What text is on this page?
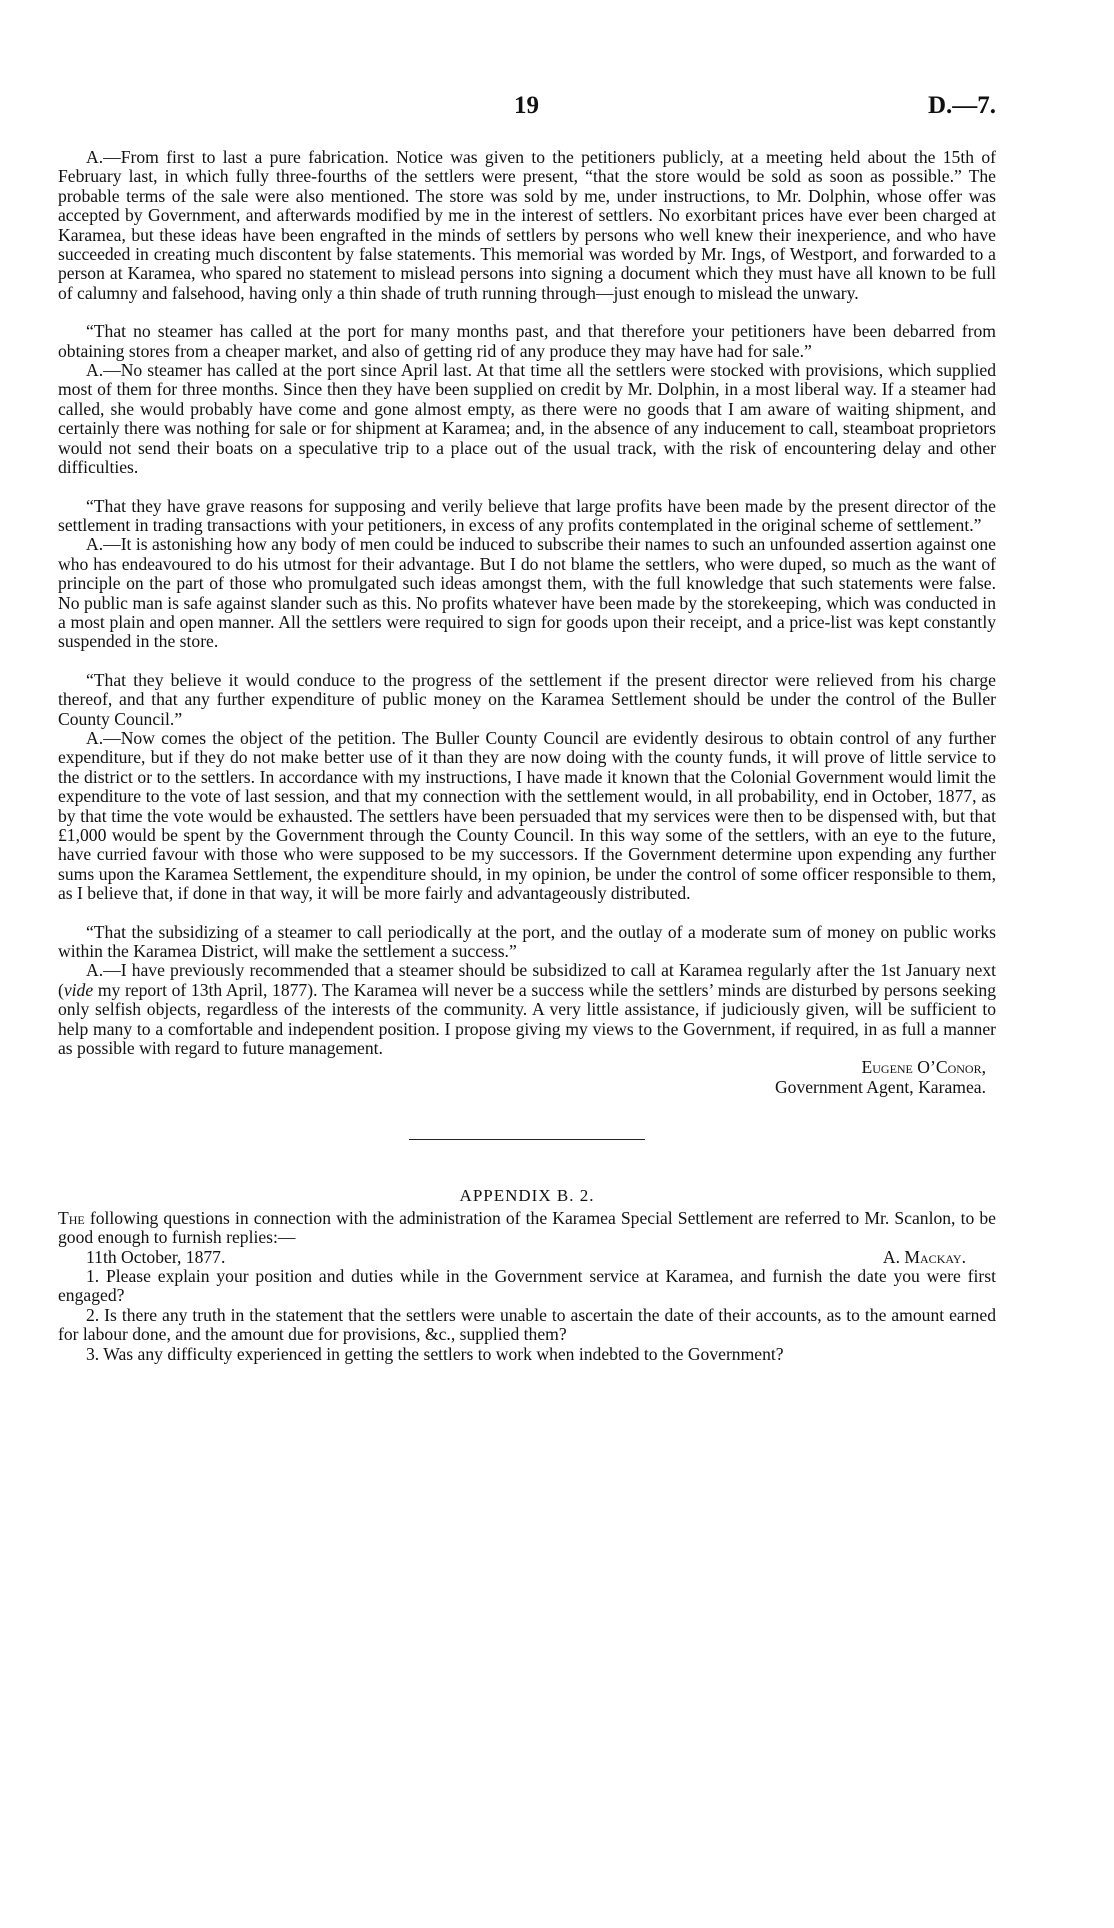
19	D.—7.

A.—From first to last a pure fabrication. Notice was given to the petitioners publicly, at a meeting held about the 15th of February last, in which fully three-fourths of the settlers were present, “that the store would be sold as soon as possible.” The probable terms of the sale were also mentioned. The store was sold by me, under instructions, to Mr. Dolphin, whose offer was accepted by Government, and afterwards modified by me in the interest of settlers. No exorbitant prices have ever been charged at Karamea, but these ideas have been engrafted in the minds of settlers by persons who well knew their inexperience, and who have succeeded in creating much discontent by false statements. This memorial was worded by Mr. Ings, of Westport, and forwarded to a person at Karamea, who spared no statement to mislead persons into signing a document which they must have all known to be full of calumny and falsehood, having only a thin shade of truth running through—just enough to mislead the unwary.

“That no steamer has called at the port for many months past, and that therefore your petitioners have been debarred from obtaining stores from a cheaper market, and also of getting rid of any produce they may have had for sale.”

A.—No steamer has called at the port since April last. At that time all the settlers were stocked with provisions, which supplied most of them for three months. Since then they have been supplied on credit by Mr. Dolphin, in a most liberal way. If a steamer had called, she would probably have come and gone almost empty, as there were no goods that I am aware of waiting shipment, and certainly there was nothing for sale or for shipment at Karamea; and, in the absence of any inducement to call, steamboat proprietors would not send their boats on a speculative trip to a place out of the usual track, with the risk of encountering delay and other difficulties.

“That they have grave reasons for supposing and verily believe that large profits have been made by the present director of the settlement in trading transactions with your petitioners, in excess of any profits contemplated in the original scheme of settlement.”

A.—It is astonishing how any body of men could be induced to subscribe their names to such an unfounded assertion against one who has endeavoured to do his utmost for their advantage. But I do not blame the settlers, who were duped, so much as the want of principle on the part of those who promulgated such ideas amongst them, with the full knowledge that such statements were false. No public man is safe against slander such as this. No profits whatever have been made by the storekeeping, which was conducted in a most plain and open manner. All the settlers were required to sign for goods upon their receipt, and a price-list was kept constantly suspended in the store.

“That they believe it would conduce to the progress of the settlement if the present director were relieved from his charge thereof, and that any further expenditure of public money on the Karamea Settlement should be under the control of the Buller County Council.”

A.—Now comes the object of the petition. The Buller County Council are evidently desirous to obtain control of any further expenditure, but if they do not make better use of it than they are now doing with the county funds, it will prove of little service to the district or to the settlers. In accordance with my instructions, I have made it known that the Colonial Government would limit the expenditure to the vote of last session, and that my connection with the settlement would, in all probability, end in October, 1877, as by that time the vote would be exhausted. The settlers have been persuaded that my services were then to be dispensed with, but that £1,000 would be spent by the Government through the County Council. In this way some of the settlers, with an eye to the future, have curried favour with those who were supposed to be my successors. If the Government determine upon expending any further sums upon the Karamea Settlement, the expenditure should, in my opinion, be under the control of some officer responsible to them, as I believe that, if done in that way, it will be more fairly and advantageously distributed.

“That the subsidizing of a steamer to call periodically at the port, and the outlay of a moderate sum of money on public works within the Karamea District, will make the settlement a success.”

A.—I have previously recommended that a steamer should be subsidized to call at Karamea regularly after the 1st January next (vide my report of 13th April, 1877). The Karamea will never be a success while the settlers’ minds are disturbed by persons seeking only selfish objects, regardless of the interests of the community. A very little assistance, if judiciously given, will be sufficient to help many to a comfortable and independent position. I propose giving my views to the Government, if required, in as full a manner as possible with regard to future management.

Eugene O’Conor,

Government Agent, Karamea.

APPENDIX B. 2.

The following questions in connection with the administration of the Karamea Special Settlement are referred to Mr. Scanlon, to be good enough to furnish replies:—

11th October, 1877.	A. Mackay.

1. Please explain your position and duties while in the Government service at Karamea, and furnish the date you were first engaged?

2. Is there any truth in the statement that the settlers were unable to ascertain the date of their accounts, as to the amount earned for labour done, and the amount due for provisions, &c., supplied them?

3. Was any difficulty experienced in getting the settlers to work when indebted to the Government?
